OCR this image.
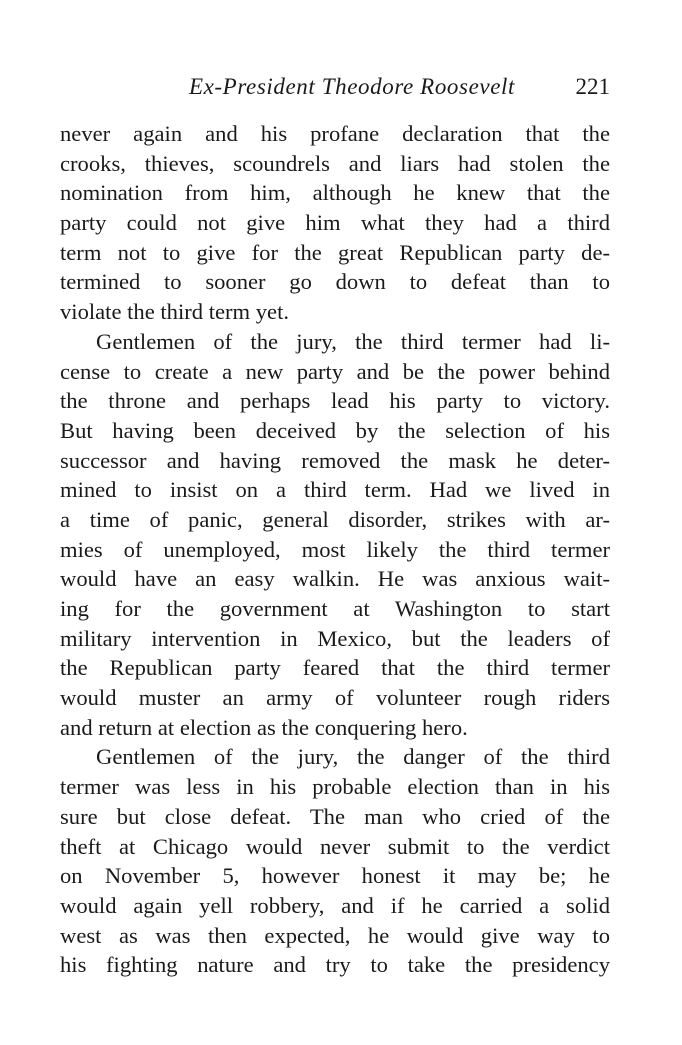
Ex-President Theodore Roosevelt	221
never again and his profane declaration that the
crooks, thieves, scoundrels and liars had stolen the
nomination from him, although he knew that the
party could not give him what they had a third
term not to give for the great Republican party de-
termined to sooner go down to defeat than to
violate the third term yet.
Gentlemen of the jury, the third termer had li-
cense to create a new party and be the power behind
the throne and perhaps lead his party to victory.
But having been deceived by the selection of his
successor and having removed the mask he deter-
mined to insist on a third term. Had we lived in
a time of panic, general disorder, strikes with ar-
mies of unemployed, most likely the third termer
would have an easy walkin. He was anxious wait-
ing for the government at Washington to start
military intervention in Mexico, but the leaders of
the Republican party feared that the third termer
would muster an army of volunteer rough riders
and return at election as the conquering hero.
Gentlemen of the jury, the danger of the third
termer was less in his probable election than in his
sure but close defeat. The man who cried of the
theft at Chicago would never submit to the verdict
on November 5, however honest it may be; he
would again yell robbery, and if he carried a solid
west as was then expected, he would give way to
his fighting nature and try to take the presidency
